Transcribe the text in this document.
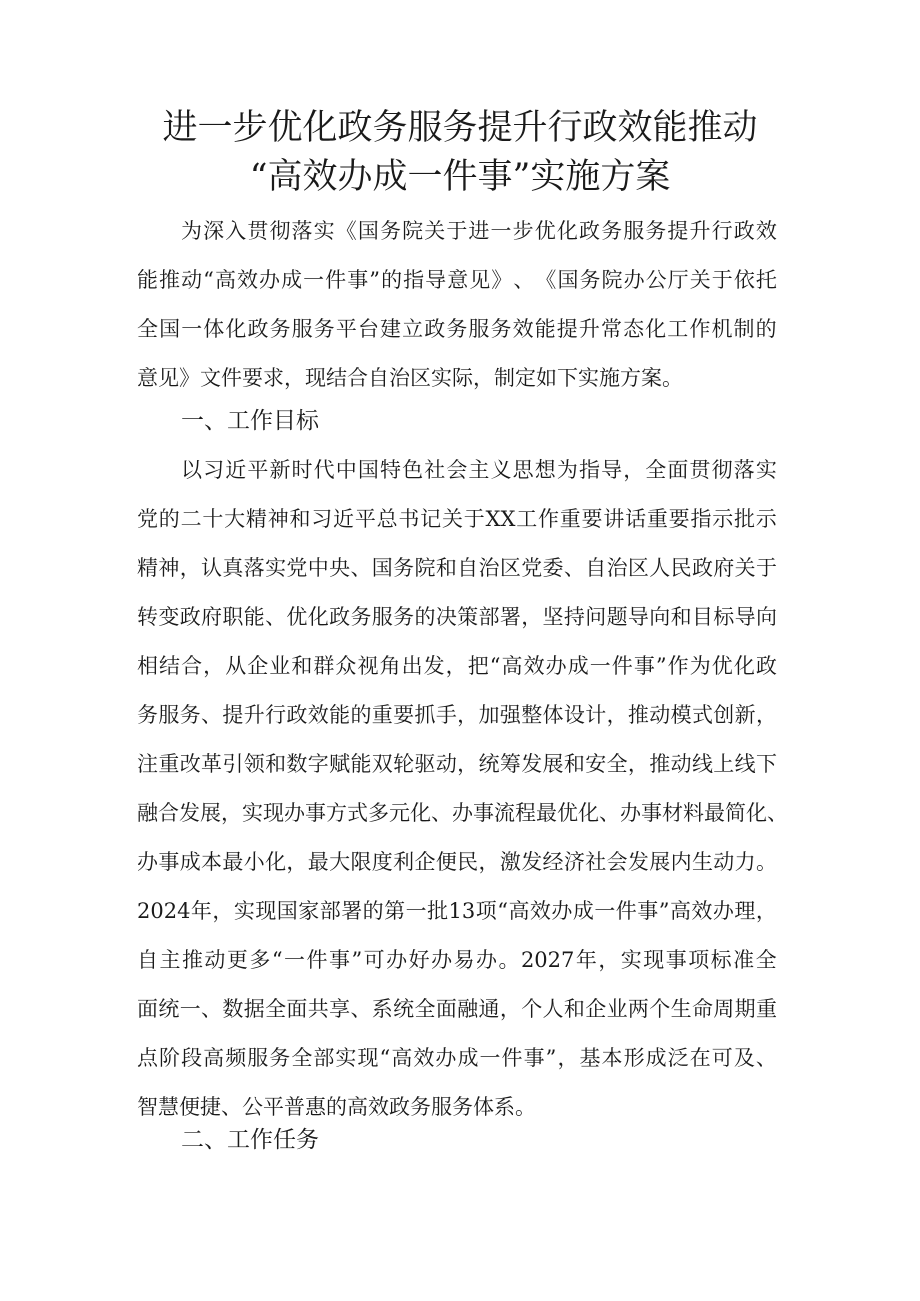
进一步优化政务服务提升行政效能推动
“高效办成一件事”实施方案
为 深 入 贯 彻 落 实 《 国 务 院 关 于 进 一 步 优 化 政 务 服 务 提 升 行 政 效
能 推 动 “ 高 效 办 成 一 件 事 ” 的 指 导 意 见 》 、 《 国 务 院 办 公 厅 关 于 依 托
全 国 一 体 化 政 务 服 务 平 台 建 立 政 务 服 务 效 能 提 升 常 态 化 工 作 机 制 的
意见》文件要求，现结合自治区实际，制定如下实施方案。
一、工作目标
以 习 近 平 新 时 代 中 国 特 色 社 会 主 义 思 想 为 指 导 ， 全 面 贯 彻 落 实
党 的 二 十 大 精 神 和 习 近 平 总 书 记 关 于 XX 工 作 重 要 讲 话 重 要 指 示 批 示
精 神 ， 认 真 落 实 党 中 央 、 国 务 院 和 自 治 区 党 委 、 自 治 区 人 民 政 府 关 于
转 变 政 府 职 能 、 优 化 政 务 服 务 的 决 策 部 署 ， 坚 持 问 题 导 向 和 目 标 导 向
相 结 合 ， 从 企 业 和 群 众 视 角 出 发 ， 把 “ 高 效 办 成 一 件 事 ” 作 为 优 化 政
务 服 务 、 提 升 行 政 效 能 的 重 要 抓 手 ， 加 强 整 体 设 计 ， 推 动 模 式 创 新 ，
注 重 改 革 引 领 和 数 字 赋 能 双 轮 驱 动 ， 统 筹 发 展 和 安 全 ， 推 动 线 上 线 下
融 合 发 展 ， 实 现 办 事 方 式 多 元 化 、 办 事 流 程 最 优 化 、 办 事 材 料 最 简 化 、
办 事 成 本 最 小 化 ， 最 大 限 度 利 企 便 民 ， 激 发 经 济 社 会 发 展 内 生 动 力 。
2024 年 ， 实 现 国 家 部 署 的 第 一 批 13 项 “ 高 效 办 成 一 件 事 ” 高 效 办 理 ，
自 主 推 动 更 多 “ 一 件 事 ” 可 办 好 办 易 办 。 2027 年 ， 实 现 事 项 标 准 全
面 统 一 、 数 据 全 面 共 享 、 系 统 全 面 融 通 ， 个 人 和 企 业 两 个 生 命 周 期 重
点 阶 段 高 频 服 务 全 部 实 现 “ 高 效 办 成 一 件 事 ” ， 基 本 形 成 泛 在 可 及 、
智慧便捷、公平普惠的高效政务服务体系。
二、工作任务
